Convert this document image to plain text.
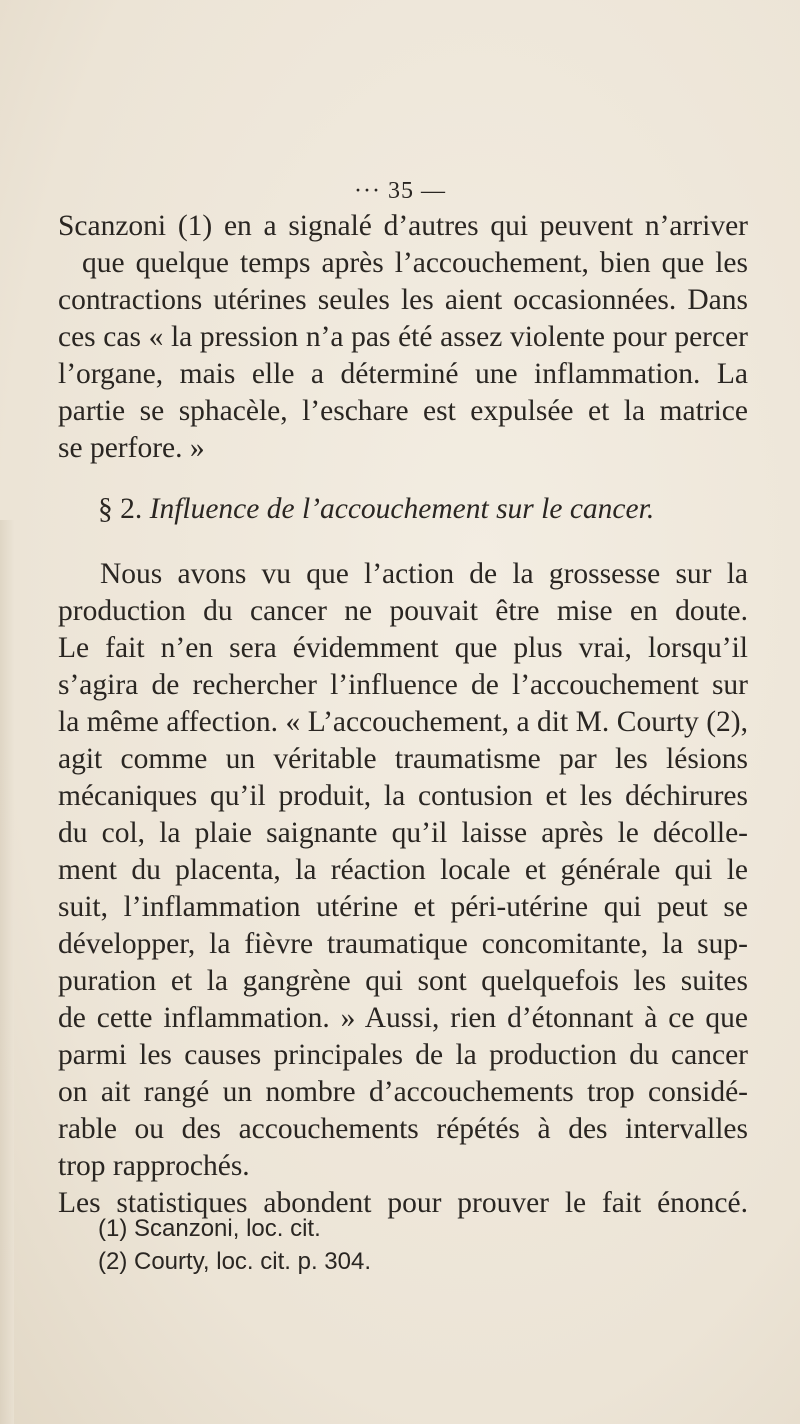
··· 35 —
Scanzoni (1) en a signalé d’autres qui peuvent n’arriver
que quelque temps après l’accouchement, bien que les
contractions utérines seules les aient occasionnées. Dans
ces cas « la pression n’a pas été assez violente pour percer
l’organe, mais elle a déterminé une inflammation. La
partie se sphacèle, l’eschare est expulsée et la matrice
se perfore. »
§ 2. Influence de l’accouchement sur le cancer.
Nous avons vu que l’action de la grossesse sur la
production du cancer ne pouvait être mise en doute.
Le fait n’en sera évidemment que plus vrai, lorsqu’il
s’agira de rechercher l’influence de l’accouchement sur
la même affection. « L’accouchement, a dit M. Courty (2),
agit comme un véritable traumatisme par les lésions
mécaniques qu’il produit, la contusion et les déchirures
du col, la plaie saignante qu’il laisse après le décolle-
ment du placenta, la réaction locale et générale qui le
suit, l’inflammation utérine et péri-utérine qui peut se
développer, la fièvre traumatique concomitante, la sup-
puration et la gangrène qui sont quelquefois les suites
de cette inflammation. » Aussi, rien d’étonnant à ce que
parmi les causes principales de la production du cancer
on ait rangé un nombre d’accouchements trop considé-
rable ou des accouchements répétés à des intervalles
trop rapprochés.
Les statistiques abondent pour prouver le fait énoncé.
(1) Scanzoni, loc. cit.
(2) Courty, loc. cit. p. 304.
